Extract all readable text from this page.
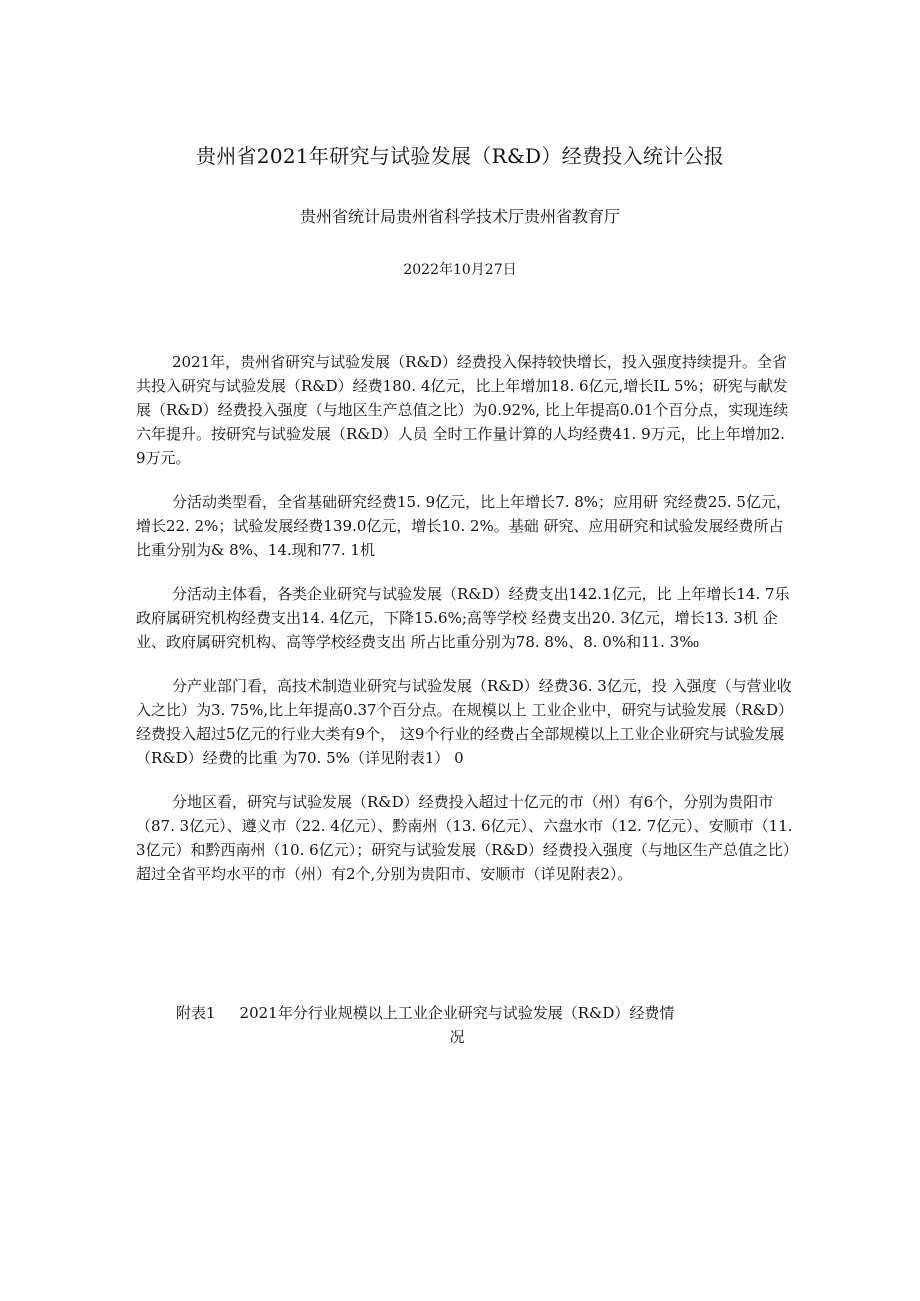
贵州省2021年研究与试验发展（R&D）经费投入统计公报
贵州省统计局贵州省科学技术厅贵州省教育厅
2022年10月27日

2021年，贵州省研究与试验发展（R&D）经费投入保持较快增长，投入强度持续提升。全省共投入研究与试验发展（R&D）经费180. 4亿元，比上年增加18. 6亿元,增长IL 5%；研宪与献发展（R&D）经费投入强度（与地区生产总值之比）为0.92%, 比上年提高0.01个百分点，实现连续六年提升。按研究与试验发展（R&D）人员 全时工作量计算的人均经费41. 9万元，比上年增加2. 9万元。

分活动类型看，全省基础研究经费15. 9亿元，比上年增长7. 8%；应用研 究经费25. 5亿元，增长22. 2%；试验发展经费139.0亿元，增长10. 2%。基础 研究、应用研究和试验发展经费所占比重分别为& 8%、14.现和77. 1机

分活动主体看，各类企业研究与试验发展（R&D）经费支出142.1亿元，比 上年增长14. 7乐 政府属研究机构经费支出14. 4亿元，下降15.6%;高等学校 经费支出20. 3亿元，增长13. 3机 企业、政府属研究机构、高等学校经费支出 所占比重分别为78. 8%、8. 0%和11. 3‰

分产业部门看，高技术制造业研究与试验发展（R&D）经费36. 3亿元，投 入强度（与营业收入之比）为3. 75%,比上年提高0.37个百分点。在规模以上 工业企业中，研究与试验发展（R&D）经费投入超过5亿元的行业大类有9个， 这9个行业的经费占全部规模以上工业企业研究与试验发展（R&D）经费的比重 为70. 5%（详见附表1） 0

分地区看，研究与试验发展（R&D）经费投入超过十亿元的市（州）有6个，分别为贵阳市（87. 3亿元）、遵义市（22. 4亿元）、黔南州（13. 6亿元）、六盘水市（12. 7亿元）、安顺市（11. 3亿元）和黔西南州（10. 6亿元）；研究与试验发展（R&D）经费投入强度（与地区生产总值之比）超过全省平均水平的市（州）有2个,分别为贵阳市、安顺市（详见附表2）。

附表1 2021年分行业规模以上工业企业研究与试验发展（R&D）经费情
况
